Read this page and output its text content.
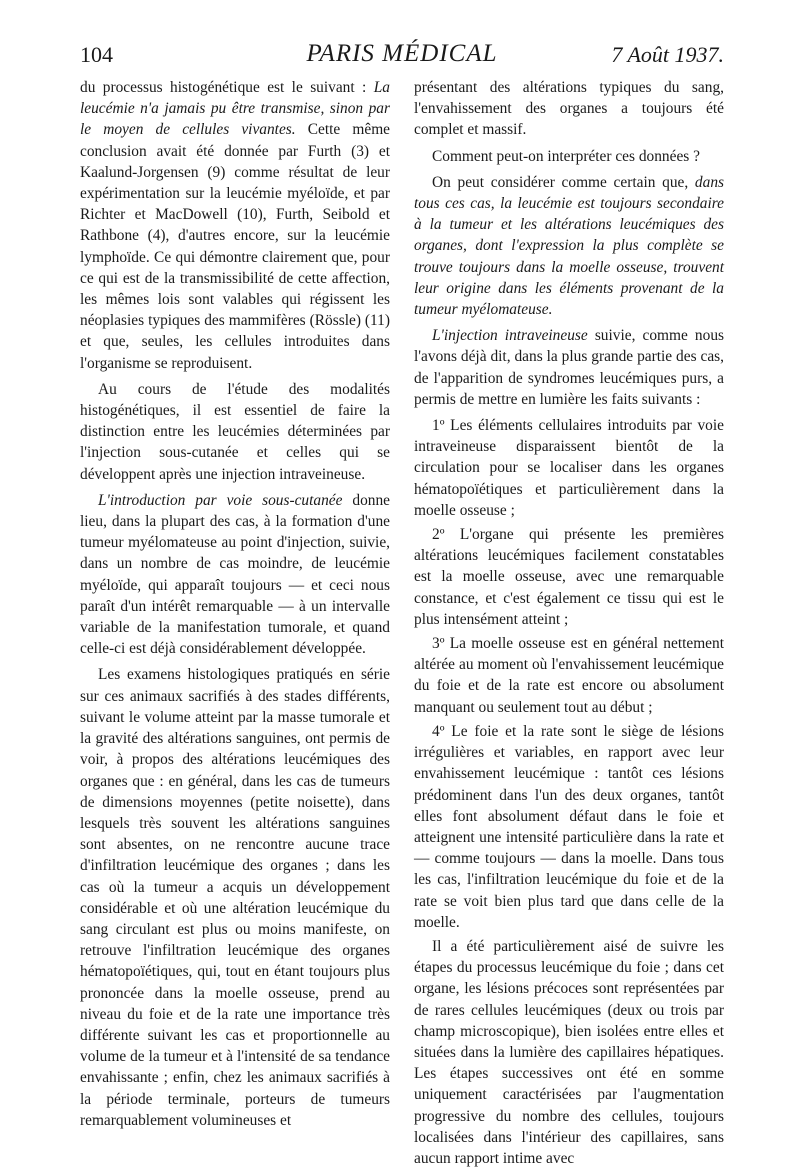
104	PARIS MÉDICAL	7 Août 1937.

du processus histogénétique est le suivant : La leucémie n'a jamais pu être transmise, sinon par le moyen de cellules vivantes. Cette même conclusion avait été donnée par Furth (3) et Kaalund-Jorgensen (9) comme résultat de leur expérimentation sur la leucémie myéloïde, et par Richter et MacDowell (10), Furth, Seibold et Rathbone (4), d'autres encore, sur la leucémie lymphoïde. Ce qui démontre clairement que, pour ce qui est de la transmissibilité de cette affection, les mêmes lois sont valables qui régissent les néoplasies typiques des mammifères (Rössle) (11) et que, seules, les cellules introduites dans l'organisme se reproduisent.

Au cours de l'étude des modalités histogénétiques, il est essentiel de faire la distinction entre les leucémies déterminées par l'injection sous-cutanée et celles qui se développent après une injection intraveineuse.

L'introduction par voie sous-cutanée donne lieu, dans la plupart des cas, à la formation d'une tumeur myélomateuse au point d'injection, suivie, dans un nombre de cas moindre, de leucémie myéloïde, qui apparaît toujours — et ceci nous paraît d'un intérêt remarquable — à un intervalle variable de la manifestation tumorale, et quand celle-ci est déjà considérablement développée.

Les examens histologiques pratiqués en série sur ces animaux sacrifiés à des stades différents, suivant le volume atteint par la masse tumorale et la gravité des altérations sanguines, ont permis de voir, à propos des altérations leucémiques des organes que : en général, dans les cas de tumeurs de dimensions moyennes (petite noisette), dans lesquels très souvent les altérations sanguines sont absentes, on ne rencontre aucune trace d'infiltration leucémique des organes ; dans les cas où la tumeur a acquis un développement considérable et où une altération leucémique du sang circulant est plus ou moins manifeste, on retrouve l'infiltration leucémique des organes hématopoïétiques, qui, tout en étant toujours plus prononcée dans la moelle osseuse, prend au niveau du foie et de la rate une importance très différente suivant les cas et proportionnelle au volume de la tumeur et à l'intensité de sa tendance envahissante ; enfin, chez les animaux sacrifiés à la période terminale, porteurs de tumeurs remarquablement volumineuses et

présentant des altérations typiques du sang, l'envahissement des organes a toujours été complet et massif.

Comment peut-on interpréter ces données ?

On peut considérer comme certain que, dans tous ces cas, la leucémie est toujours secondaire à la tumeur et les altérations leucémiques des organes, dont l'expression la plus complète se trouve toujours dans la moelle osseuse, trouvent leur origine dans les éléments provenant de la tumeur myélomateuse.

L'injection intraveineuse suivie, comme nous l'avons déjà dit, dans la plus grande partie des cas, de l'apparition de syndromes leucémiques purs, a permis de mettre en lumière les faits suivants :

1º Les éléments cellulaires introduits par voie intraveineuse disparaissent bientôt de la circulation pour se localiser dans les organes hématopoïétiques et particulièrement dans la moelle osseuse ;

2º L'organe qui présente les premières altérations leucémiques facilement constatables est la moelle osseuse, avec une remarquable constance, et c'est également ce tissu qui est le plus intensément atteint ;

3º La moelle osseuse est en général nettement altérée au moment où l'envahissement leucémique du foie et de la rate est encore ou absolument manquant ou seulement tout au début ;

4º Le foie et la rate sont le siège de lésions irrégulières et variables, en rapport avec leur envahissement leucémique : tantôt ces lésions prédominent dans l'un des deux organes, tantôt elles font absolument défaut dans le foie et atteignent une intensité particulière dans la rate et — comme toujours — dans la moelle. Dans tous les cas, l'infiltration leucémique du foie et de la rate se voit bien plus tard que dans celle de la moelle.

Il a été particulièrement aisé de suivre les étapes du processus leucémique du foie ; dans cet organe, les lésions précoces sont représentées par de rares cellules leucémiques (deux ou trois par champ microscopique), bien isolées entre elles et situées dans la lumière des capillaires hépatiques. Les étapes successives ont été en somme uniquement caractérisées par l'augmentation progressive du nombre des cellules, toujours localisées dans l'intérieur des capillaires, sans aucun rapport intime avec
